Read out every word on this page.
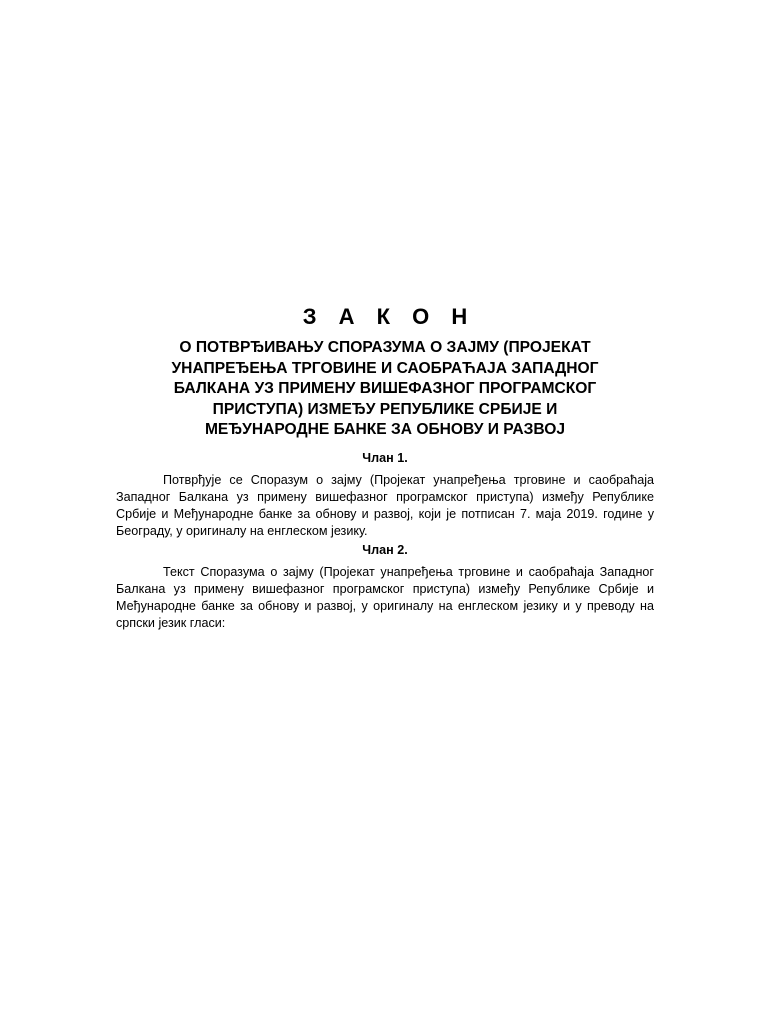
З А К О Н
О ПОТВРЂИВАЊУ СПОРАЗУМА О ЗАЈМУ (ПРОЈЕКАТ
УНАПРЕЂЕЊА ТРГОВИНЕ И САОБРАЋАЈА ЗАПАДНОГ
БАЛКАНА УЗ ПРИМЕНУ ВИШЕФАЗНОГ ПРОГРАМСКОГ
ПРИСТУПА) ИЗМЕЂУ РЕПУБЛИКЕ СРБИЈЕ И
МЕЂУНАРОДНЕ БАНКЕ ЗА ОБНОВУ И РАЗВОЈ
Члан 1.
Потврђује се Споразум о зајму (Пројекат унапређења трговине и саобраћаја Западног Балкана уз примену вишефазног програмског приступа) између Републике Србије и Међународне банке за обнову и развој, који је потписан 7. маја 2019. године у Београду, у оригиналу на енглеском језику.
Члан 2.
Текст Споразума о зајму (Пројекат унапређења трговине и саобраћаја Западног Балкана уз примену вишефазног програмског приступа) између Републике Србије и Међународне банке за обнову и развој, у оригиналу на енглеском језику и у преводу на српски језик гласи:
